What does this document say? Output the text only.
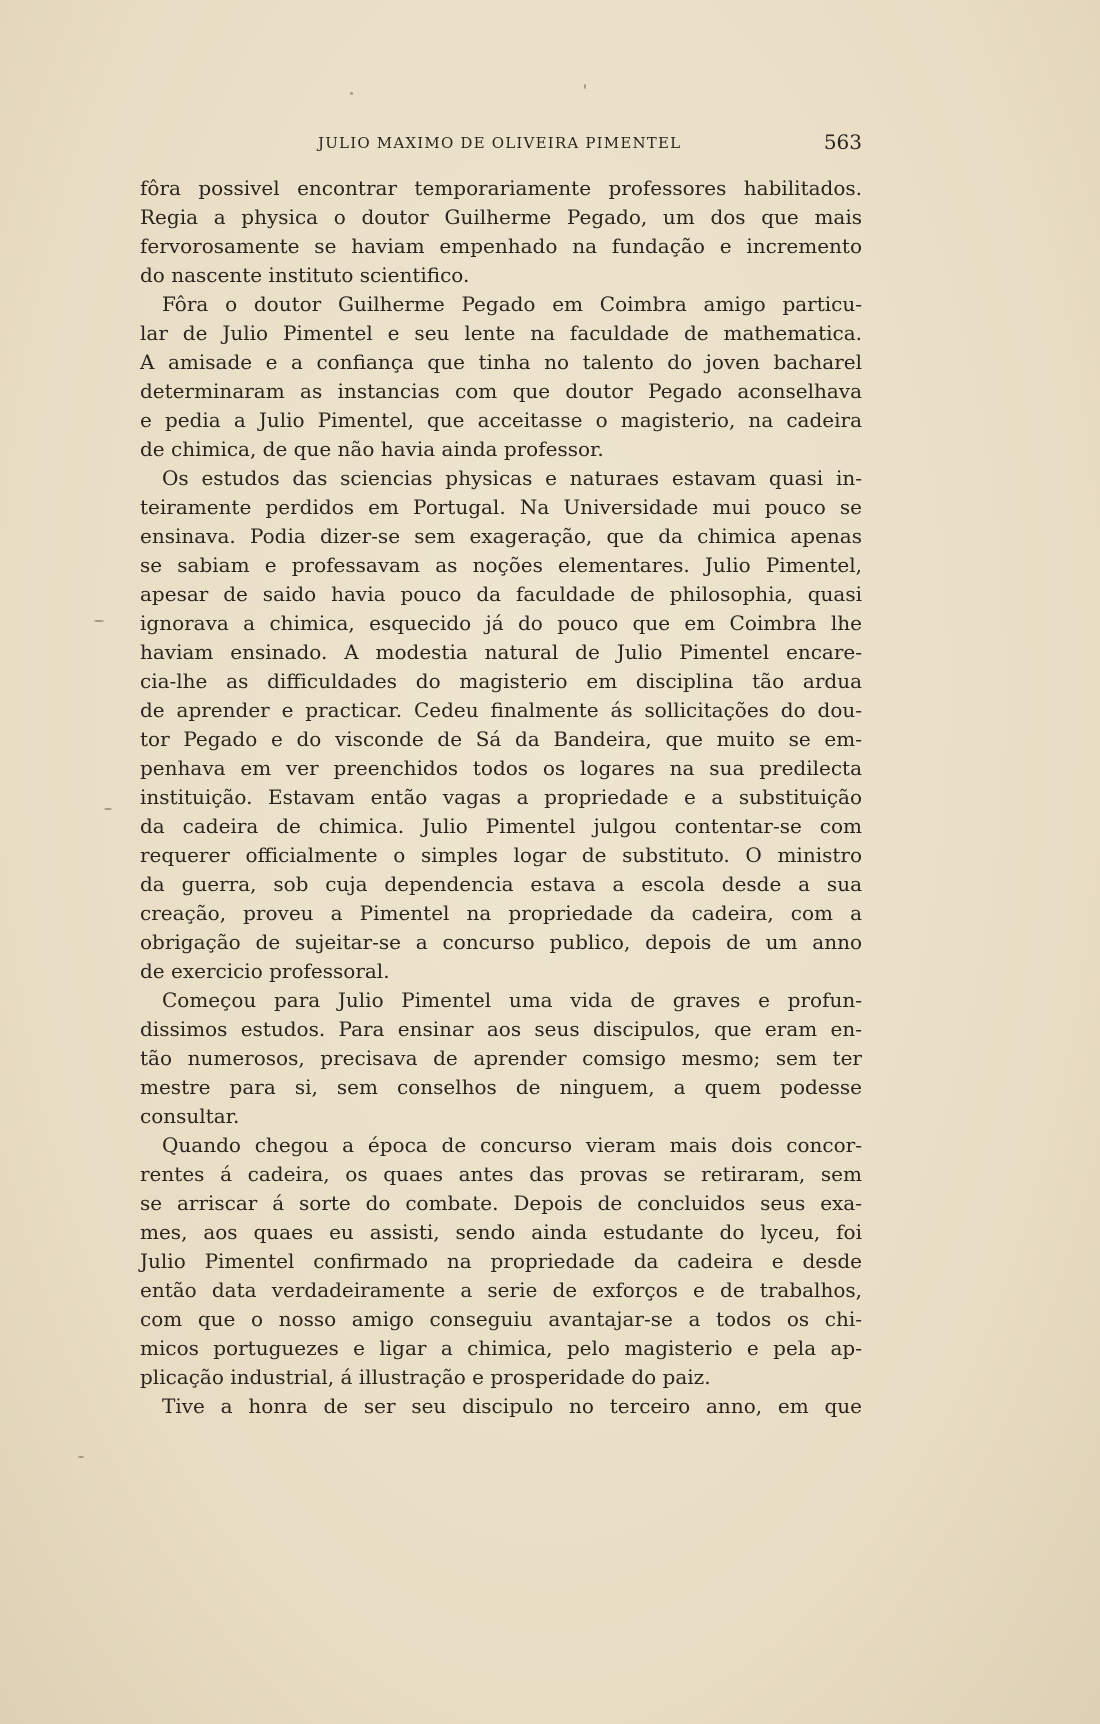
JULIO MAXIMO DE OLIVEIRA PIMENTEL	563
fôra possivel encontrar temporariamente professores habilitados.
Regia a physica o doutor Guilherme Pegado, um dos que mais
fervorosamente se haviam empenhado na fundação e incremento
do nascente instituto scientifico.
Fôra o doutor Guilherme Pegado em Coimbra amigo particu-
lar de Julio Pimentel e seu lente na faculdade de mathematica.
A amisade e a confiança que tinha no talento do joven bacharel
determinaram as instancias com que doutor Pegado aconselhava
e pedia a Julio Pimentel, que acceitasse o magisterio, na cadeira
de chimica, de que não havia ainda professor.
Os estudos das sciencias physicas e naturaes estavam quasi in-
teiramente perdidos em Portugal. Na Universidade mui pouco se
ensinava. Podia dizer-se sem exageração, que da chimica apenas
se sabiam e professavam as noções elementares. Julio Pimentel,
apesar de saido havia pouco da faculdade de philosophia, quasi
ignorava a chimica, esquecido já do pouco que em Coimbra lhe
haviam ensinado. A modestia natural de Julio Pimentel encare-
cia-lhe as difficuldades do magisterio em disciplina tão ardua
de aprender e practicar. Cedeu finalmente ás sollicitações do dou-
tor Pegado e do visconde de Sá da Bandeira, que muito se em-
penhava em ver preenchidos todos os logares na sua predilecta
instituição. Estavam então vagas a propriedade e a substituição
da cadeira de chimica. Julio Pimentel julgou contentar-se com
requerer officialmente o simples logar de substituto. O ministro
da guerra, sob cuja dependencia estava a escola desde a sua
creação, proveu a Pimentel na propriedade da cadeira, com a
obrigação de sujeitar-se a concurso publico, depois de um anno
de exercicio professoral.
Começou para Julio Pimentel uma vida de graves e profun-
dissimos estudos. Para ensinar aos seus discipulos, que eram en-
tão numerosos, precisava de aprender comsigo mesmo; sem ter
mestre para si, sem conselhos de ninguem, a quem podesse
consultar.
Quando chegou a época de concurso vieram mais dois concor-
rentes á cadeira, os quaes antes das provas se retiraram, sem
se arriscar á sorte do combate. Depois de concluidos seus exa-
mes, aos quaes eu assisti, sendo ainda estudante do lyceu, foi
Julio Pimentel confirmado na propriedade da cadeira e desde
então data verdadeiramente a serie de exforços e de trabalhos,
com que o nosso amigo conseguiu avantajar-se a todos os chi-
micos portuguezes e ligar a chimica, pelo magisterio e pela ap-
plicação industrial, á illustração e prosperidade do paiz.
Tive a honra de ser seu discipulo no terceiro anno, em que
